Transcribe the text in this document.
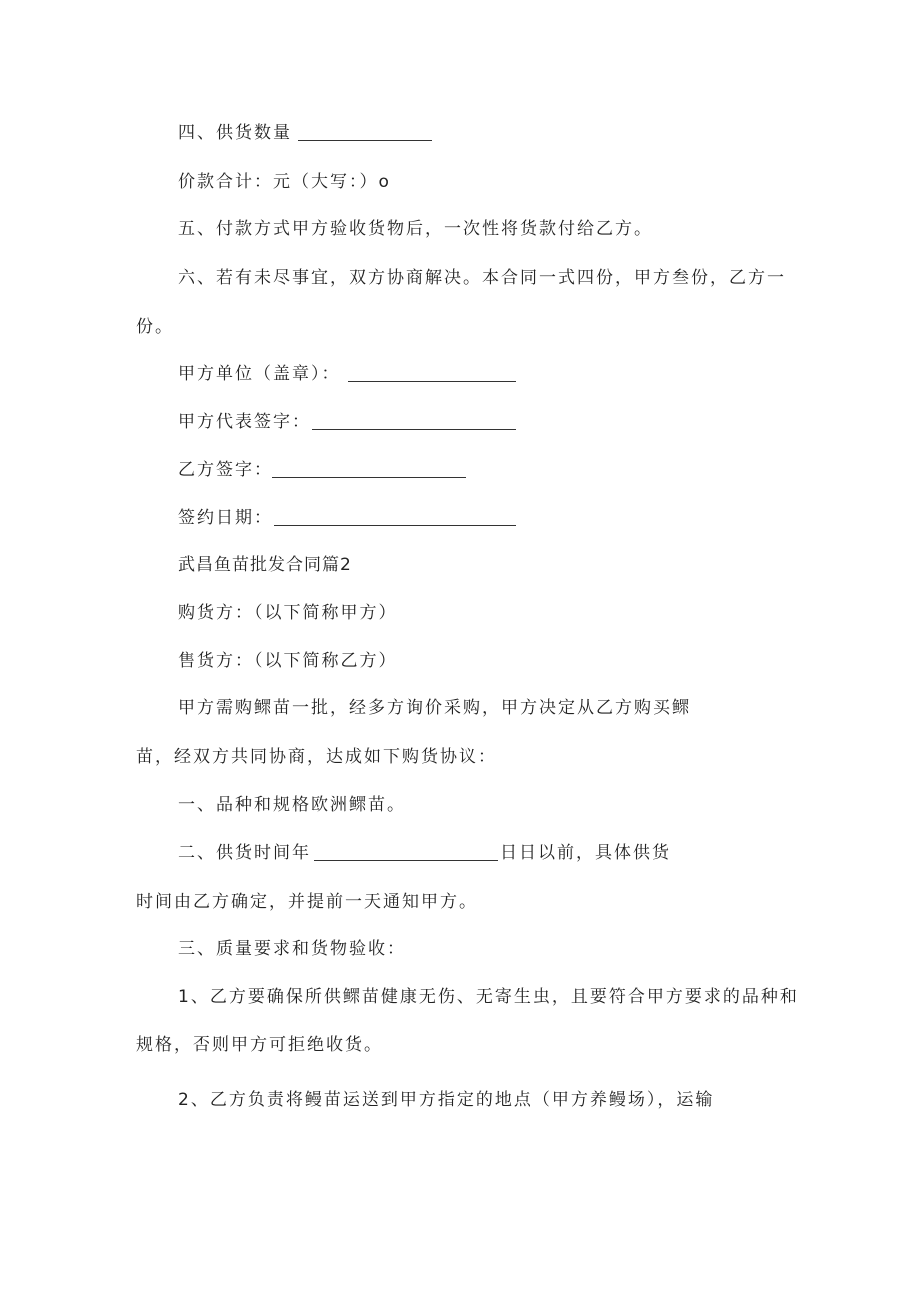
四、供货数量
价款合计：元（大写：）o
五、付款方式甲方验收货物后，一次性将货款付给乙方。
六、若有未尽事宜，双方协商解决。本合同一式四份，甲方叁份，乙方一
份。
甲方单位（盖章）：
甲方代表签字：
乙方签字：
签约日期：
武昌鱼苗批发合同篇2
购货方：（以下简称甲方）
售货方：（以下简称乙方）
甲方需购鳏苗一批，经多方询价采购，甲方决定从乙方购买鳏
苗，经双方共同协商，达成如下购货协议：
一、品种和规格欧洲鳏苗。
二、供货时间年	日日以前，具体供货
时间由乙方确定，并提前一天通知甲方。
三、质量要求和货物验收：
1、乙方要确保所供鳏苗健康无伤、无寄生虫，且要符合甲方要求的品种和
规格，否则甲方可拒绝收货。
2、乙方负责将鳗苗运送到甲方指定的地点（甲方养鳗场），运输
